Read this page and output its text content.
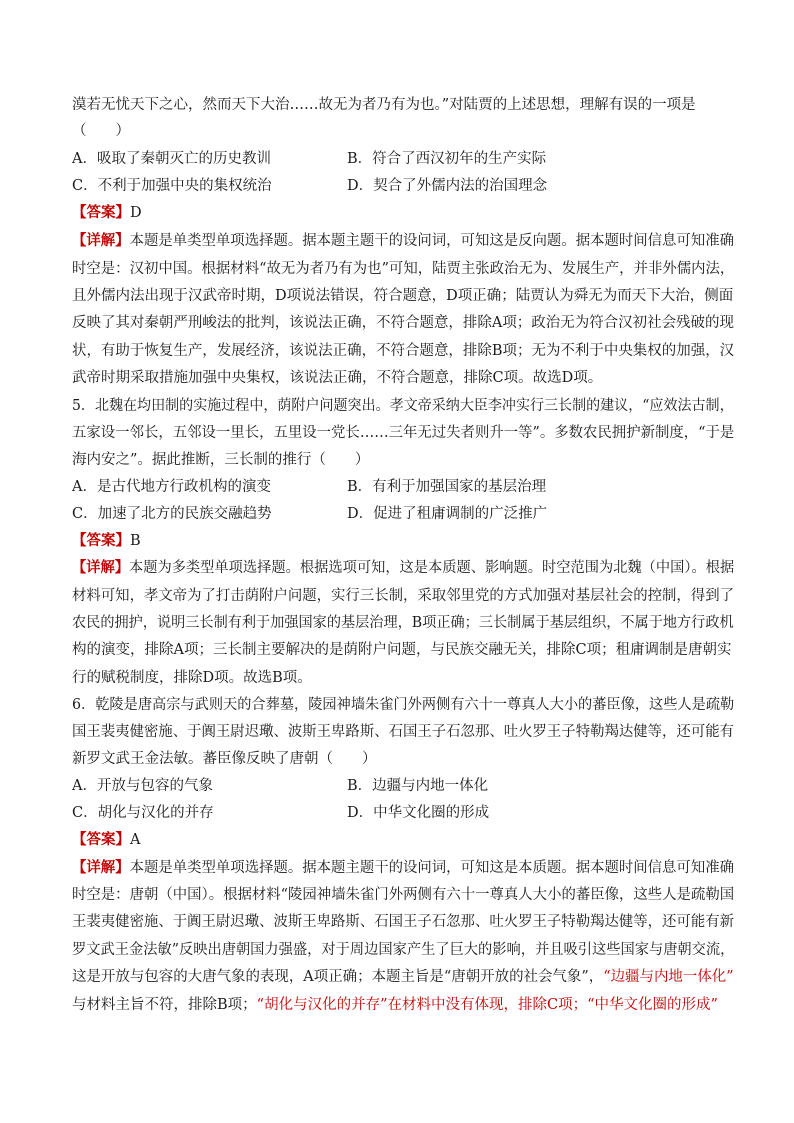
漠若无忧天下之心，然而天下大治……故无为者乃有为也。”对陆贾的上述思想，理解有误的一项是
（　　）
A．吸取了秦朝灭亡的历史教训	B．符合了西汉初年的生产实际
C．不利于加强中央的集权统治	D．契合了外儒内法的治国理念
【答案】D
【详解】本题是单类型单项选择题。据本题主题干的设问词，可知这是反向题。据本题时间信息可知准确
时空是：汉初中国。根据材料“故无为者乃有为也”可知，陆贾主张政治无为、发展生产，并非外儒内法，
且外儒内法出现于汉武帝时期，D项说法错误，符合题意，D项正确；陆贾认为舜无为而天下大治，侧面
反映了其对秦朝严刑峻法的批判，该说法正确，不符合题意，排除A项；政治无为符合汉初社会残破的现
状，有助于恢复生产，发展经济，该说法正确，不符合题意，排除B项；无为不利于中央集权的加强，汉
武帝时期采取措施加强中央集权，该说法正确，不符合题意，排除C项。故选D项。
5．北魏在均田制的实施过程中，荫附户问题突出。孝文帝采纳大臣李冲实行三长制的建议，“应效法古制，
五家设一邻长，五邻设一里长，五里设一党长……三年无过失者则升一等”。多数农民拥护新制度，“于是
海内安之”。据此推断，三长制的推行（　　）
A．是古代地方行政机构的演变	B．有利于加强国家的基层治理
C．加速了北方的民族交融趋势	D．促进了租庸调制的广泛推广
【答案】B
【详解】本题为多类型单项选择题。根据选项可知，这是本质题、影响题。时空范围为北魏（中国）。根据
材料可知，孝文帝为了打击荫附户问题，实行三长制，采取邻里党的方式加强对基层社会的控制，得到了
农民的拥护，说明三长制有利于加强国家的基层治理，B项正确；三长制属于基层组织，不属于地方行政机
构的演变，排除A项；三长制主要解决的是荫附户问题，与民族交融无关，排除C项；租庸调制是唐朝实
行的赋税制度，排除D项。故选B项。
6．乾陵是唐高宗与武则天的合葬墓，陵园神墙朱雀门外两侧有六十一尊真人大小的蕃臣像，这些人是疏勒
国王裴夷健密施、于阗王尉迟璥、波斯王卑路斯、石国王子石忽那、吐火罗王子特勒羯达健等，还可能有
新罗文武王金法敏。蕃臣像反映了唐朝（　　）
A．开放与包容的气象	B．边疆与内地一体化
C．胡化与汉化的并存	D．中华文化圈的形成
【答案】A
【详解】本题是单类型单项选择题。据本题主题干的设问词，可知这是本质题。据本题时间信息可知准确
时空是：唐朝（中国）。根据材料“陵园神墙朱雀门外两侧有六十一尊真人大小的蕃臣像，这些人是疏勒国
王裴夷健密施、于阗王尉迟璥、波斯王卑路斯、石国王子石忽那、吐火罗王子特勒羯达健等，还可能有新
罗文武王金法敏”反映出唐朝国力强盛，对于周边国家产生了巨大的影响，并且吸引这些国家与唐朝交流，
这是开放与包容的大唐气象的表现，A项正确；本题主旨是“唐朝开放的社会气象”，“边疆与内地一体化”
与材料主旨不符，排除B项；“胡化与汉化的并存”在材料中没有体现，排除C项；“中华文化圈的形成”
